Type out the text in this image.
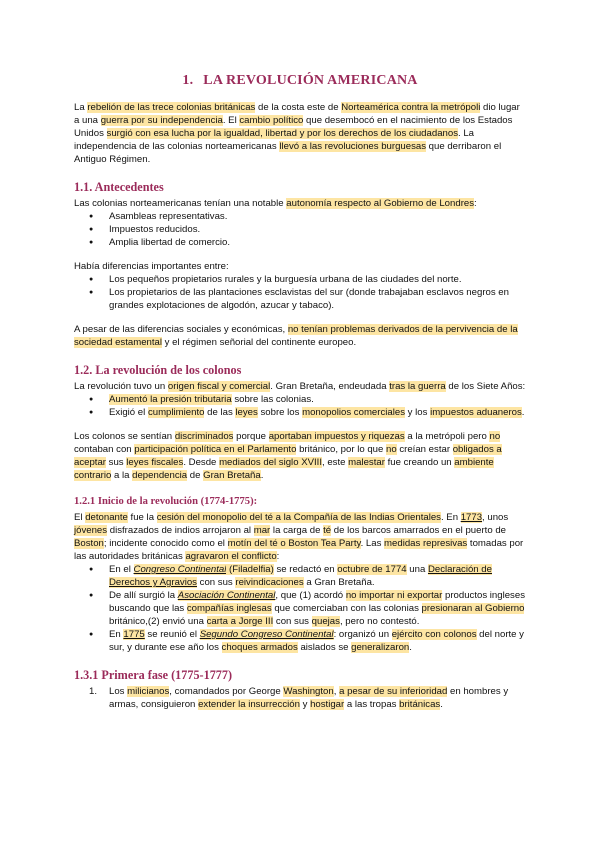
1. LA REVOLUCIÓN AMERICANA

La rebelión de las trece colonias británicas de la costa este de Norteamérica contra la metrópoli dio lugar a una guerra por su independencia. El cambio político que desembocó en el nacimiento de los Estados Unidos surgió con esa lucha por la igualdad, libertad y por los derechos de los ciudadanos. La independencia de las colonias norteamericanas llevó a las revoluciones burguesas que derribaron el Antiguo Régimen.

1.1. Antecedentes

Las colonias norteamericanas tenían una notable autonomía respecto al Gobierno de Londres:

● Asambleas representativas.
● Impuestos reducidos.
● Amplia libertad de comercio.

Había diferencias importantes entre:

● Los pequeños propietarios rurales y la burguesía urbana de las ciudades del norte.
● Los propietarios de las plantaciones esclavistas del sur (donde trabajaban esclavos negros en grandes explotaciones de algodón, azucar y tabaco).

A pesar de las diferencias sociales y económicas, no tenían problemas derivados de la pervivencia de la sociedad estamental y el régimen señorial del continente europeo.

1.2. La revolución de los colonos

La revolución tuvo un origen fiscal y comercial. Gran Bretaña, endeudada tras la guerra de los Siete Años:

● Aumentó la presión tributaria sobre las colonias.
● Exigió el cumplimiento de las leyes sobre los monopolios comerciales y los impuestos aduaneros.

Los colonos se sentían discriminados porque aportaban impuestos y riquezas a la metrópoli pero no contaban con participación política en el Parlamento británico, por lo que no creían estar obligados a aceptar sus leyes fiscales. Desde mediados del siglo XVIII, este malestar fue creando un ambiente contrario a la dependencia de Gran Bretaña.

1.2.1 Inicio de la revolución (1774-1775):

El detonante fue la cesión del monopolio del té a la Compañía de las Indias Orientales. En 1773, unos jóvenes disfrazados de indios arrojaron al mar la carga de té de los barcos amarrados en el puerto de Boston; incidente conocido como el motín del té o Boston Tea Party. Las medidas represivas tomadas por las autoridades británicas agravaron el conflicto:

● En el Congreso Continental (Filadelfia) se redactó en octubre de 1774 una Declaración de Derechos y Agravios con sus reivindicaciones a Gran Bretaña.
● De allí surgió la Asociación Continental, que (1) acordó no importar ni exportar productos ingleses buscando que las compañías inglesas que comerciaban con las colonias presionaran al Gobierno británico,(2) envió una carta a Jorge III con sus quejas, pero no contestó.
● En 1775 se reunió el Segundo Congreso Continental: organizó un ejército con colonos del norte y sur, y durante ese año los choques armados aislados se generalizaron.
1.3.1 Primera fase (1775-1777)
1. Los milicianos, comandados por George Washington, a pesar de su inferioridad en hombres y armas, consiguieron extender la insurrección y hostigar a las tropas británicas.
